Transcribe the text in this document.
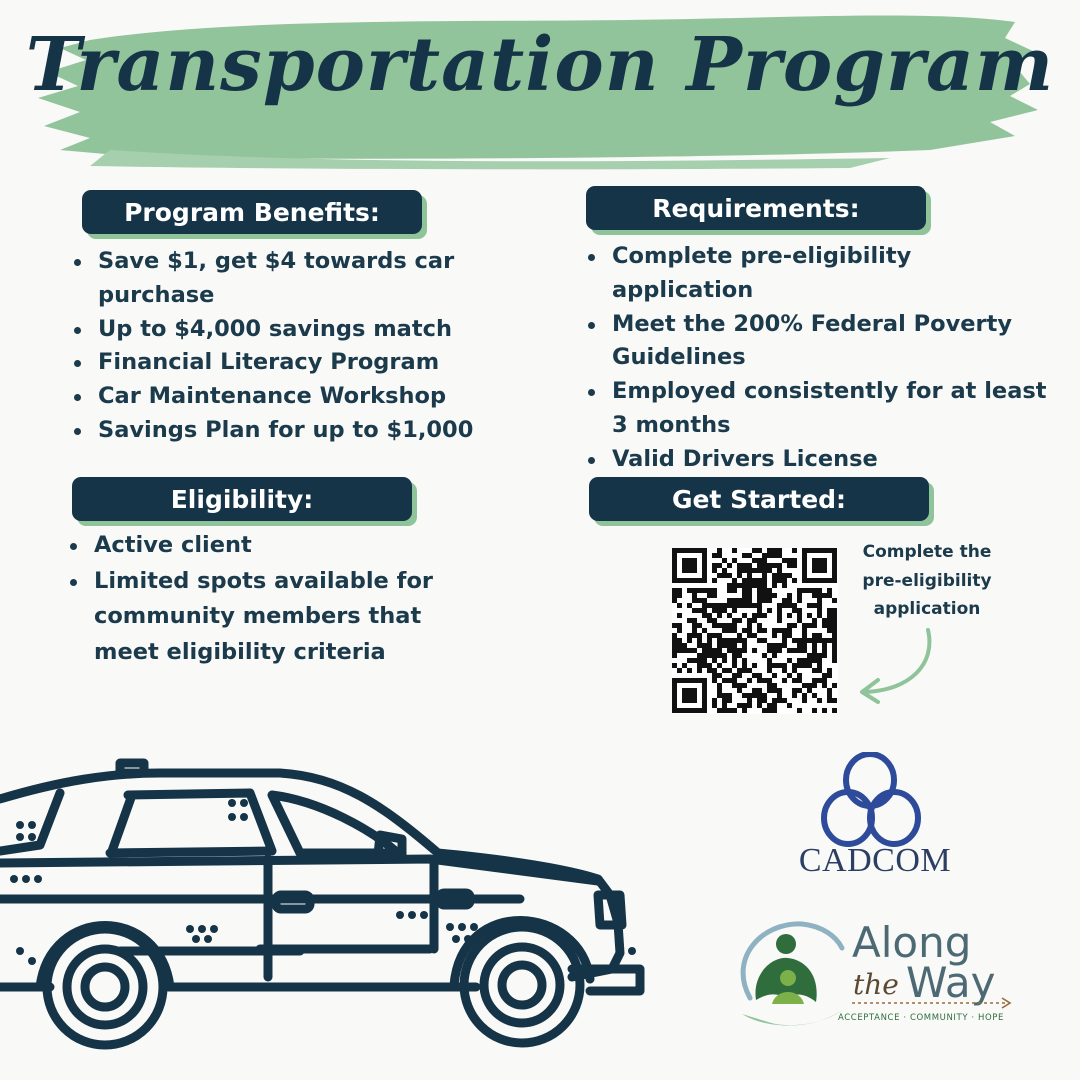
Transportation Program
Program Benefits:
Save $1, get $4 towards car purchase
Up to $4,000 savings match
Financial Literacy Program
Car Maintenance Workshop
Savings Plan for up to $1,000
Requirements:
Complete pre-eligibility application
Meet the 200% Federal Poverty Guidelines
Employed consistently for at least 3 months
Valid Drivers License
Eligibility:
Active client
Limited spots available for community members that meet eligibility criteria
Get Started:
Complete the pre-eligibility application
CADCOM
Along
the Way
ACCEPTANCE · COMMUNITY · HOPE
